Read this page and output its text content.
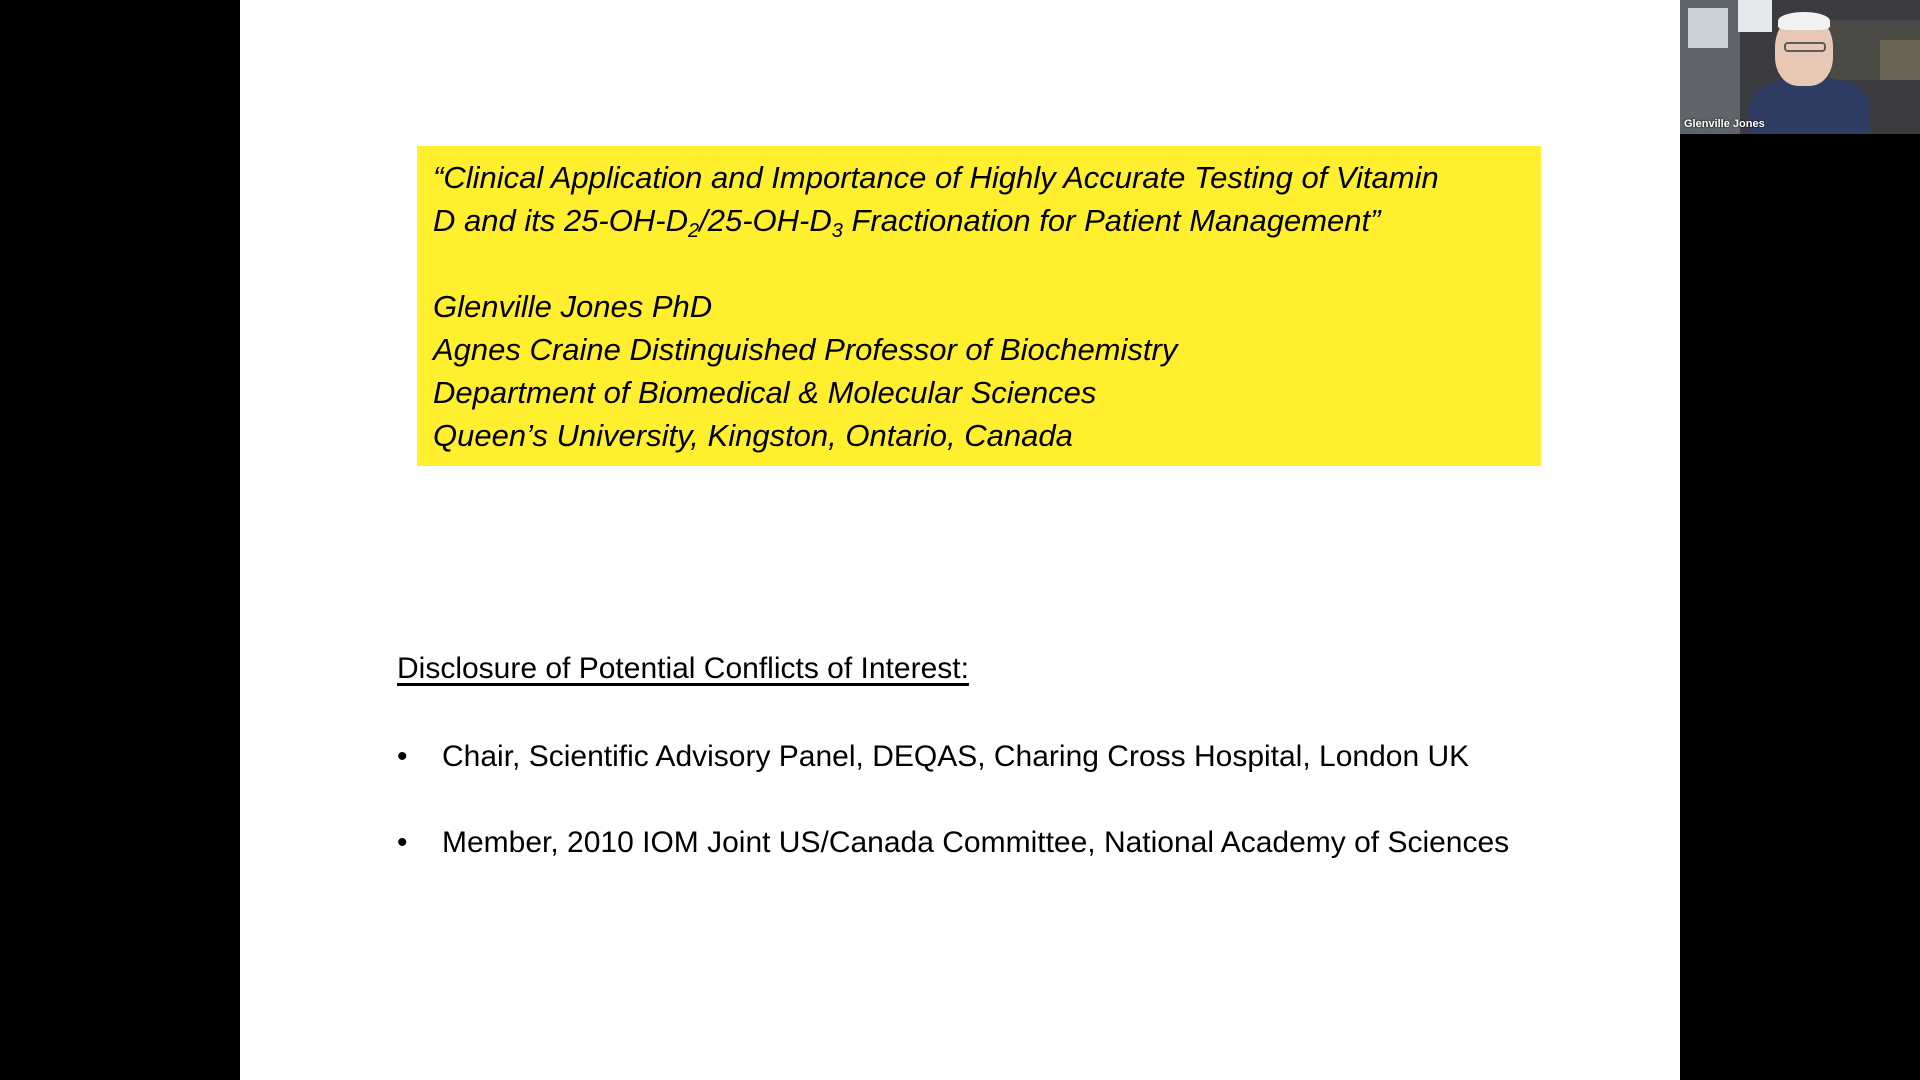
“Clinical Application and Importance of Highly Accurate Testing of Vitamin
D and its $25-OH-D_2/25-OH-D_3$ Fractionation for Patient Management”
Glenville Jones PhD
Agnes Craine Distinguished Professor of Biochemistry
Department of Biomedical & Molecular Sciences
Queen’s University, Kingston, Ontario, Canada
Disclosure of Potential Conflicts of Interest:
• Chair, Scientific Advisory Panel, DEQAS, Charing Cross Hospital, London UK
• Member, 2010 IOM Joint US/Canada Committee, National Academy of Sciences
Glenville Jones
